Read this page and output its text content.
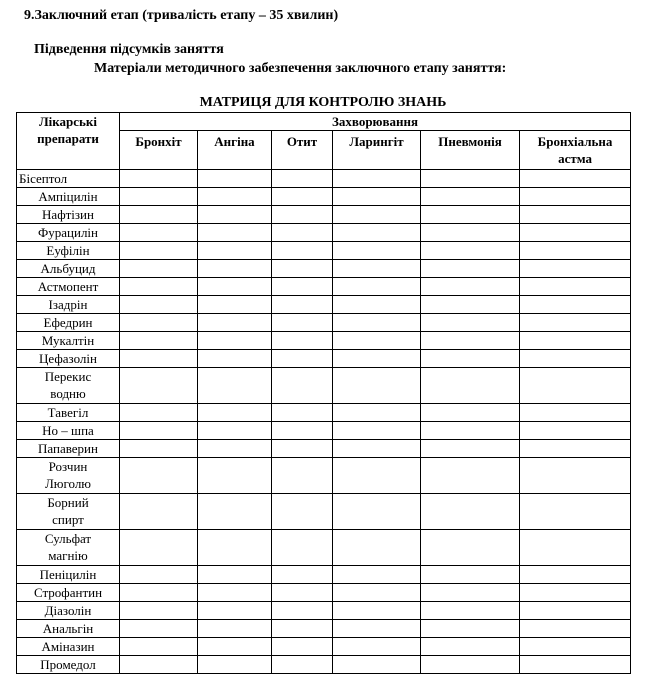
9.Заключний етап (тривалість етапу – 35 хвилин)
Підведення підсумків заняття
Матеріали методичного забезпечення заключного етапу заняття:
МАТРИЦЯ ДЛЯ КОНТРОЛЮ ЗНАНЬ
Лікарські
препарати	Захворювання					
	Бронхіт	Ангіна	Отит	Ларингіт	Пневмонія	Бронхіальна астма
Бісептол						
Ампіцилін						
Нафтізин						
Фурацилін						
Еуфілін						
Альбуцид						
Астмопент						
Ізадрін						
Ефедрин						
Мукалтін						
Цефазолін						
Перекис
водню						
Тавегіл						
Но – шпа						
Папаверин						
Розчин
Люголю						
Борний
спирт						
Сульфат
магнію						
Пеніцилін						
Строфантин						
Діазолін						
Анальгін						
Аміназин						
Промедол						
